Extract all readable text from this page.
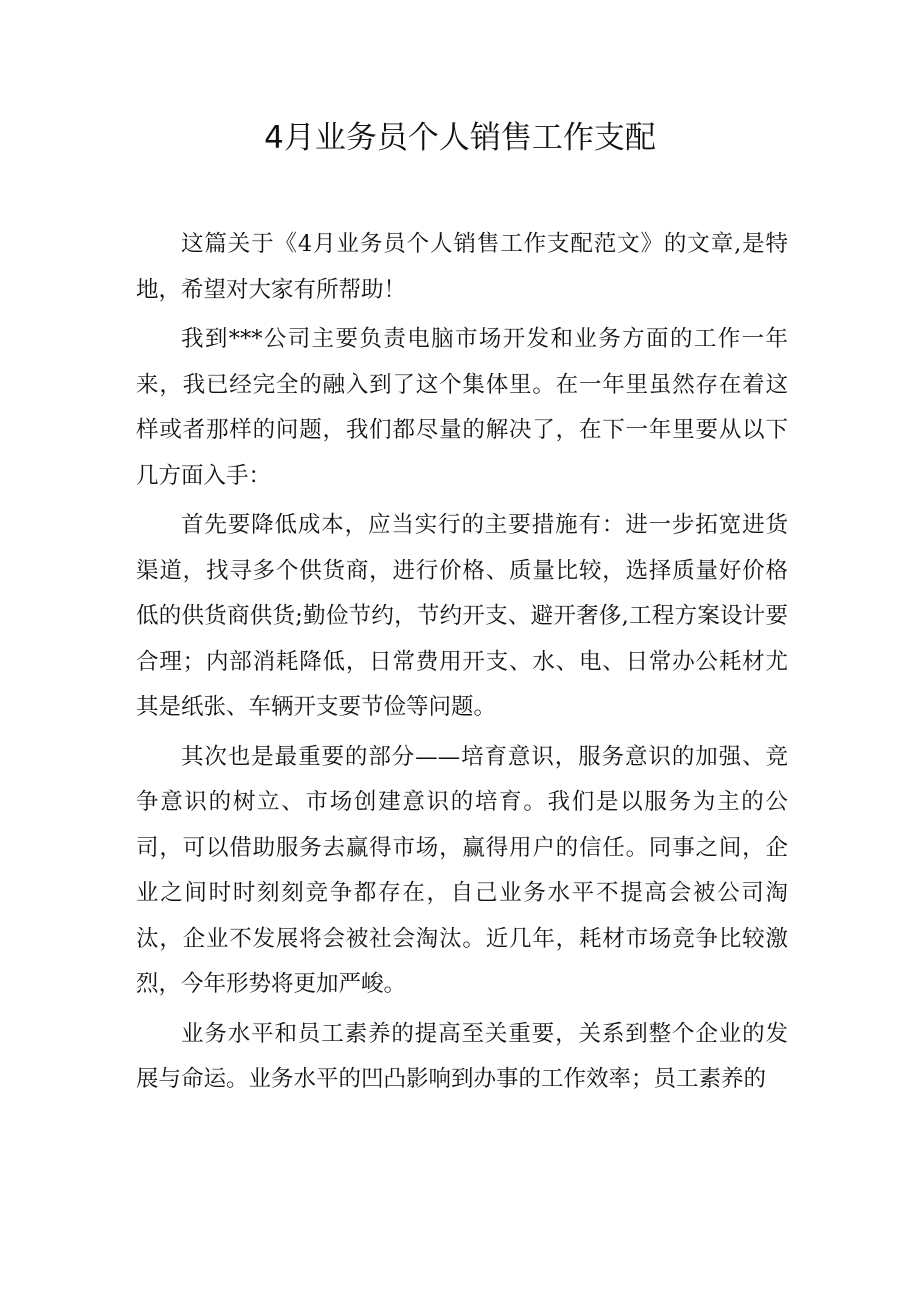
4月业务员个人销售工作支配

这篇关于《4月业务员个人销售工作支配范文》的文章,是特地，希望对大家有所帮助！

我到***公司主要负责电脑市场开发和业务方面的工作一年来，我已经完全的融入到了这个集体里。在一年里虽然存在着这样或者那样的问题，我们都尽量的解决了，在下一年里要从以下几方面入手：

首先要降低成本，应当实行的主要措施有：进一步拓宽进货渠道，找寻多个供货商，进行价格、质量比较，选择质量好价格低的供货商供货;勤俭节约，节约开支、避开奢侈,工程方案设计要合理；内部消耗降低，日常费用开支、水、电、日常办公耗材尤其是纸张、车辆开支要节俭等问题。

其次也是最重要的部分——培育意识，服务意识的加强、竞争意识的树立、市场创建意识的培育。我们是以服务为主的公司，可以借助服务去赢得市场，赢得用户的信任。同事之间，企业之间时时刻刻竞争都存在，自己业务水平不提高会被公司淘汰，企业不发展将会被社会淘汰。近几年，耗材市场竞争比较激烈，今年形势将更加严峻。

业务水平和员工素养的提高至关重要，关系到整个企业的发展与命运。业务水平的凹凸影响到办事的工作效率；员工素养的
